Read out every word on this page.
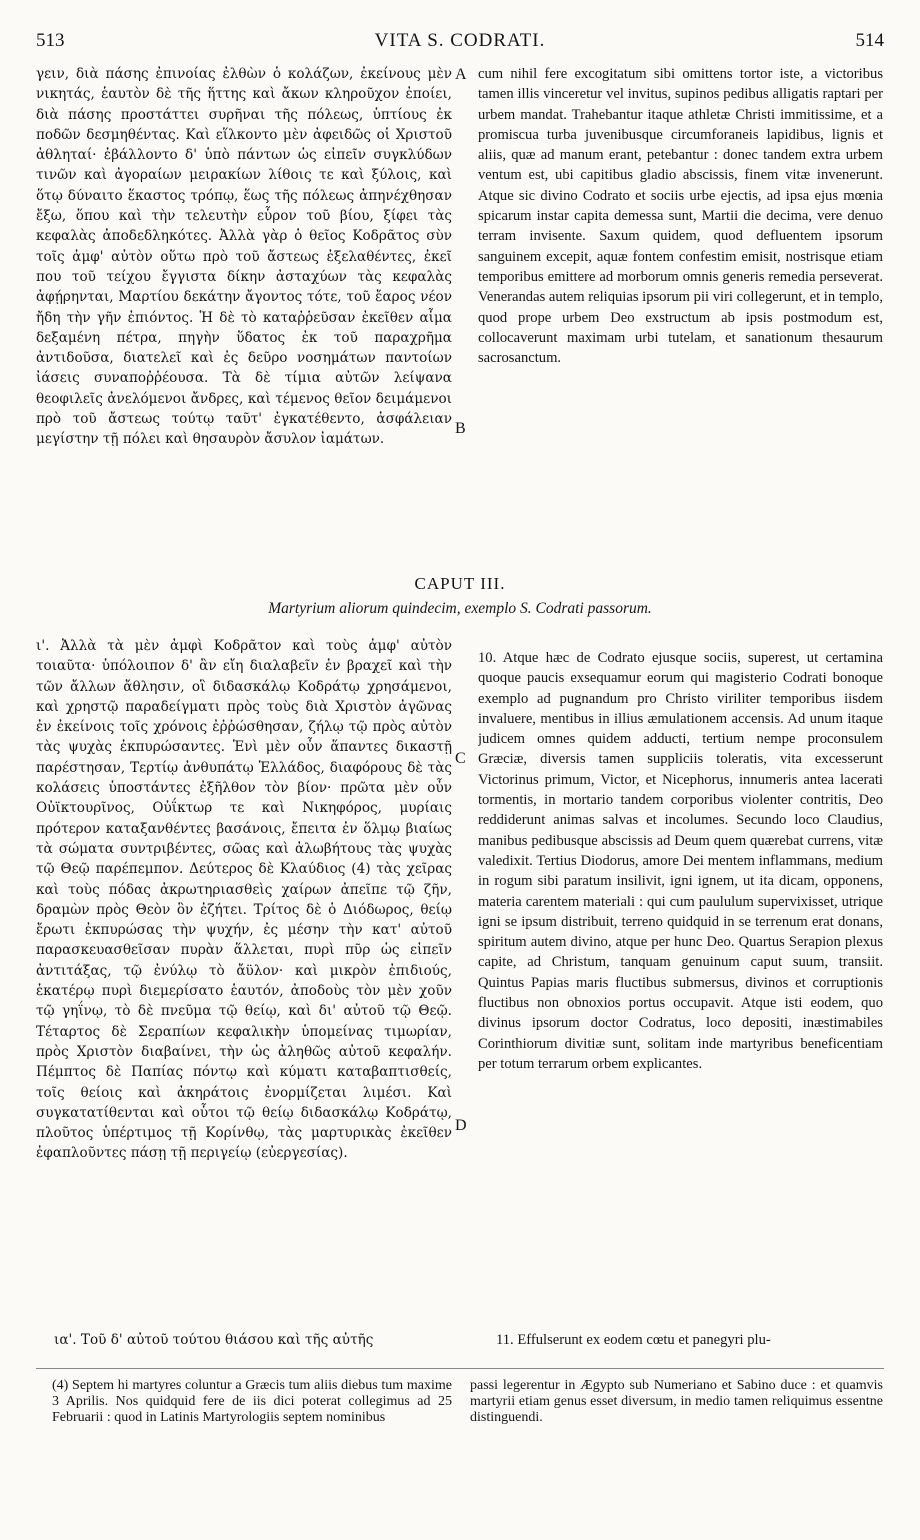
513	VITA S. CODRATI.	514

γειν, διὰ πάσης ἐπινοίας ἐλθὼν ὁ κολάζων, ἐκείνους μὲν νικητάς, ἑαυτὸν δὲ τῆς ἥττης καὶ ἄκων κληροῦχον ἐποίει, διὰ πάσης προστάττει συρῆναι τῆς πόλεως, ὑπτίους ἐκ ποδῶν δεσμηθέντας. Καὶ εἵλκοντο μὲν ἀφειδῶς οἱ Χριστοῦ ἀθληταί· ἐβάλλοντο δ' ὑπὸ πάντων ὡς εἰπεῖν συγκλύδων τινῶν καὶ ἀγοραίων μειρακίων λίθοις τε καὶ ξύλοις, καὶ ὅτῳ δύναιτο ἕκαστος τρόπῳ, ἕως τῆς πόλεως ἀπηνέχθησαν ἔξω, ὅπου καὶ τὴν τελευτὴν εὗρον τοῦ βίου, ξίφει τὰς κεφαλὰς ἀποδεδληκότες. Ἀλλὰ γὰρ ὁ θεῖος Κοδρᾶτος σὺν τοῖς ἀμφ' αὐτὸν οὕτω πρὸ τοῦ ἄστεως ἐξελαθέντες, ἐκεῖ που τοῦ τείχου ἔγγιστα δίκην ἀσταχύων τὰς κεφαλὰς ἀφῄρηνται, Μαρτίου δεκάτην ἄγοντος τότε, τοῦ ἔαρος νέον ἤδη τὴν γῆν ἐπιόντος. Ἡ δὲ τὸ καταῤῥεῦσαν ἐκεῖθεν αἷμα δεξαμένη πέτρα, πηγὴν ὕδατος ἐκ τοῦ παραχρῆμα ἀντιδοῦσα, διατελεῖ καὶ ἐς δεῦρο νοσημάτων παντοίων ἰάσεις συναποῤῥέουσα. Τὰ δὲ τίμια αὐτῶν λείψανα θεοφιλεῖς ἀνελόμενοι ἄνδρες, καὶ τέμενος θεῖον δειμάμενοι πρὸ τοῦ ἄστεως τούτῳ ταῦτ' ἐγκατέθεντο, ἀσφάλειαν μεγίστην τῇ πόλει καὶ θησαυρὸν ἄσυλον ἰαμάτων.

A cum nihil fere excogitatum sibi omittens tortor iste, a victoribus tamen illis vinceretur vel invitus, supinos pedibus alligatis raptari per urbem mandat. Trahebantur itaque athletæ Christi immitissime, et a promiscua turba juvenibusque circumforaneis lapidibus, lignis et aliis, quæ ad manum erant, petebantur : donec tandem extra urbem ventum est, ubi capitibus gladio abscissis, finem vitæ invenerunt. Atque sic divino Codrato et sociis urbe ejectis, ad ipsa ejus mœnia spicarum instar capita demessa sunt, Martii die decima, vere denuo terram invisente. Saxum quidem, quod defluentem ipsorum sanguinem excepit, aquæ fontem confestim emisit, nostrisque etiam temporibus emittere ad morborum omnis generis remedia perseverat. Venerandas autem reliquias ipsorum pii viri collegerunt, et in templo, quod prope urbem Deo exstructum ab ipsis postmodum est, collocaverunt maximam urbi tutelam, et sanationum thesaurum sacrosanctum.

B
CAPUT III.
Martyrium aliorum quindecim, exemplo S. Codrati passorum.

ι'. Ἀλλὰ τὰ μὲν ἀμφὶ Κοδρᾶτον καὶ τοὺς ἀμφ' αὐτὸν τοιαῦτα· ὑπόλοιπον δ' ἂν εἴη διαλαβεῖν ἐν βραχεῖ καὶ τὴν τῶν ἄλλων ἄθλησιν, οἳ διδασκάλῳ Κοδράτῳ χρησάμενοι, καὶ χρηστῷ παραδείγματι πρὸς τοὺς διὰ Χριστὸν ἀγῶνας ἐν ἐκείνοις τοῖς χρόνοις ἐῤῥώσθησαν, ζήλῳ τῷ πρὸς αὐτὸν τὰς ψυχὰς ἐκπυρώσαντες. Ἑνὶ μὲν οὖν ἅπαντες δικαστῇ παρέστησαν, Τερτίῳ ἀνθυπάτῳ Ἑλλάδος, διαφόρους δὲ τὰς κολάσεις ὑποστάντες ἐξῆλθον τὸν βίον· πρῶτα μὲν οὖν Οὐϊκτουρῖνος, Οὐΐκτωρ τε καὶ Νικηφόρος, μυρίαις πρότερον καταξανθέντες βασάνοις, ἔπειτα ἐν ὅλμῳ βιαίως τὰ σώματα συντριβέντες, σῶας καὶ ἀλωβήτους τὰς ψυχὰς τῷ Θεῷ παρέπεμπον. Δεύτερος δὲ Κλαύδιος (4) τὰς χεῖρας καὶ τοὺς πόδας ἀκρωτηριασθεὶς χαίρων ἀπεῖπε τῷ ζῆν, δραμὼν πρὸς Θεὸν ὃν ἐζήτει. Τρίτος δὲ ὁ Διόδωρος, θείῳ ἔρωτι ἐκπυρώσας τὴν ψυχήν, ἐς μέσην τὴν κατ' αὐτοῦ παρασκευασθεῖσαν πυρὰν ἅλλεται, πυρὶ πῦρ ὡς εἰπεῖν ἀντιτάξας, τῷ ἐνύλῳ τὸ ἄϋλον· καὶ μικρὸν ἐπιδιούς, ἑκατέρῳ πυρὶ διεμερίσατο ἑαυτόν, ἀποδοὺς τὸν μὲν χοῦν τῷ γηΐνῳ, τὸ δὲ πνεῦμα τῷ θείῳ, καὶ δι' αὐτοῦ τῷ Θεῷ. Τέταρτος δὲ Σεραπίων κεφαλικὴν ὑπομείνας τιμωρίαν, πρὸς Χριστὸν διαβαίνει, τὴν ὡς ἀληθῶς αὐτοῦ κεφαλήν. Πέμπτος δὲ Παπίας πόντῳ καὶ κύματι καταβαπτισθείς, τοῖς θείοις καὶ ἀκηράτοις ἐνορμίζεται λιμέσι. Καὶ συγκατατίθενται καὶ οὗτοι τῷ θείῳ διδασκάλῳ Κοδράτῳ, πλοῦτος ὑπέρτιμος τῇ Κορίνθῳ, τὰς μαρτυρικὰς ἐκεῖθεν ἐφαπλοῦντες πάσῃ τῇ περιγείῳ (εὐεργεσίας).

C

10. Atque hæc de Codrato ejusque sociis, superest, ut certamina quoque paucis exsequamur eorum qui magisterio Codrati bonoque exemplo ad pugnandum pro Christo viriliter temporibus iisdem invaluere, mentibus in illius æmulationem accensis. Ad unum itaque judicem omnes quidem adducti, tertium nempe proconsulem Græciæ, diversis tamen suppliciis toleratis, vita excesserunt Victorinus primum, Victor, et Nicephorus, innumeris antea lacerati tormentis, in mortario tandem corporibus violenter contritis, Deo reddiderunt animas salvas et incolumes. Secundo loco Claudius, manibus pedibusque abscissis ad Deum quem quærebat currens, vitæ valedixit. Tertius Diodorus, amore Dei mentem inflammans, medium in rogum sibi paratum insilivit, igni ignem, ut ita dicam, opponens, materia carentem materiali : qui cum paululum supervixisset, utrique igni se ipsum distribuit, terreno quidquid in se terrenum erat donans, spiritum autem divino, atque per hunc Deo. Quartus Serapion plexus capite, ad Christum, tanquam genuinum caput suum, transiit. Quintus Papias maris fluctibus submersus, divinos et corruptionis fluctibus non obnoxios portus occupavit. Atque isti eodem, quo divinus ipsorum doctor Codratus, loco depositi, inæstimabiles Corinthiorum divitiæ sunt, solitam inde martyribus beneficentiam per totum terrarum orbem explicantes.

D

ια'. Τοῦ δ' αὐτοῦ τούτου θιάσου καὶ τῆς αὐτῆς	11. Effulserunt ex eodem cœtu et panegyri plu-

(4) Septem hi martyres coluntur a Græcis tum aliis diebus tum maxime 3 Aprilis. Nos quidquid fere de iis dici poterat collegimus ad 25 Februarii : quod in Latinis Martyrologiis septem nominibus
passi legerentur in Ægypto sub Numeriano et Sabino duce : et quamvis martyrii etiam genus esset diversum, in medio tamen reliquimus essentne distinguendi.
